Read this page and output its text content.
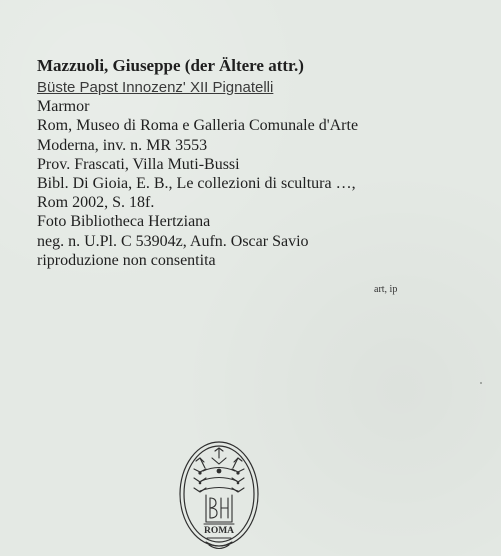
Mazzuoli, Giuseppe (der Ältere attr.)
Büste Papst Innozenz' XII Pignatelli
Marmor
Rom, Museo di Roma e Galleria Comunale d'Arte
Moderna, inv. n. MR 3553
Prov. Frascati, Villa Muti-Bussi
Bibl. Di Gioia, E. B., Le collezioni di scultura …,
Rom 2002, S. 18f.
Foto Bibliotheca Hertziana
neg. n. U.Pl. C 53904z, Aufn. Oscar Savio
riproduzione non consentita
art, ip
ROMA
